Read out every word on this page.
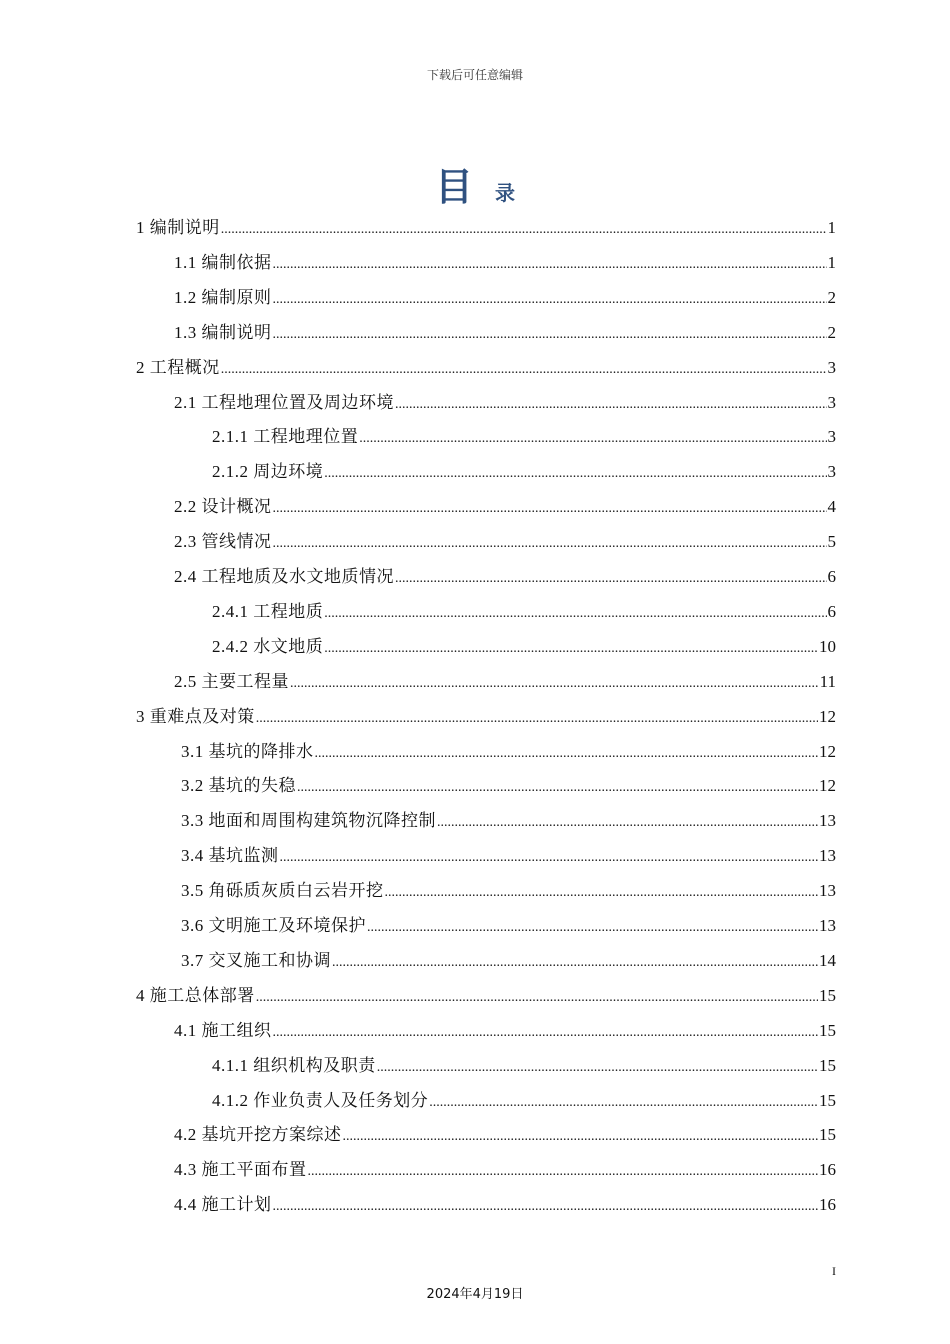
下载后可任意编辑
目 录
1 编制说明 .....	1
1.1 编制依据 .....	1
1.2 编制原则 .....	2
1.3 编制说明 .....	2
2 工程概况 .....	3
2.1 工程地理位置及周边环境 .....	3
2.1.1 工程地理位置 .....	3
2.1.2 周边环境 .....	3
2.2 设计概况 .....	4
2.3 管线情况 .....	5
2.4 工程地质及水文地质情况 .....	6
2.4.1 工程地质 .....	6
2.4.2 水文地质 .....	10
2.5 主要工程量 .....	11
3 重难点及对策 .....	12
3.1 基坑的降排水 .....	12
3.2 基坑的失稳 .....	12
3.3 地面和周围构建筑物沉降控制 .....	13
3.4 基坑监测 .....	13
3.5 角砾质灰质白云岩开挖 .....	13
3.6 文明施工及环境保护 .....	13
3.7 交叉施工和协调 .....	14
4 施工总体部署 .....	15
4.1 施工组织 .....	15
4.1.1 组织机构及职责 .....	15
4.1.2 作业负责人及任务划分 .....	15
4.2 基坑开挖方案综述 .....	15
4.3 施工平面布置 .....	16
4.4 施工计划 .....	16
I
2024年4月19日
